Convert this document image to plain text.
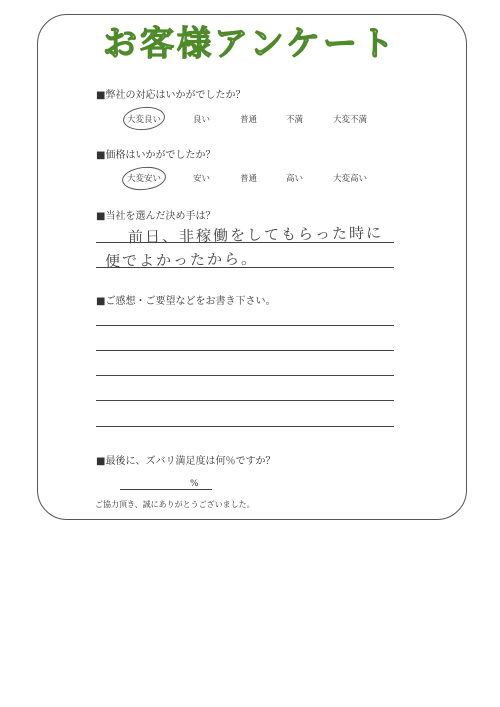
お客様アンケート
■弊社の対応はいかがでしたか？
大変良い	良い	普通	不満	大変不満
■価格はいかがでしたか？
大変安い	安い	普通	高い	大変高い
■当社を選んだ決め手は？
前日、非稼働をしてもらった時に
便でよかったから。
■ご感想・ご要望などをお書き下さい。
■最後に、ズバリ満足度は何％ですか？
%
ご協力頂き、誠にありがとうございました。
